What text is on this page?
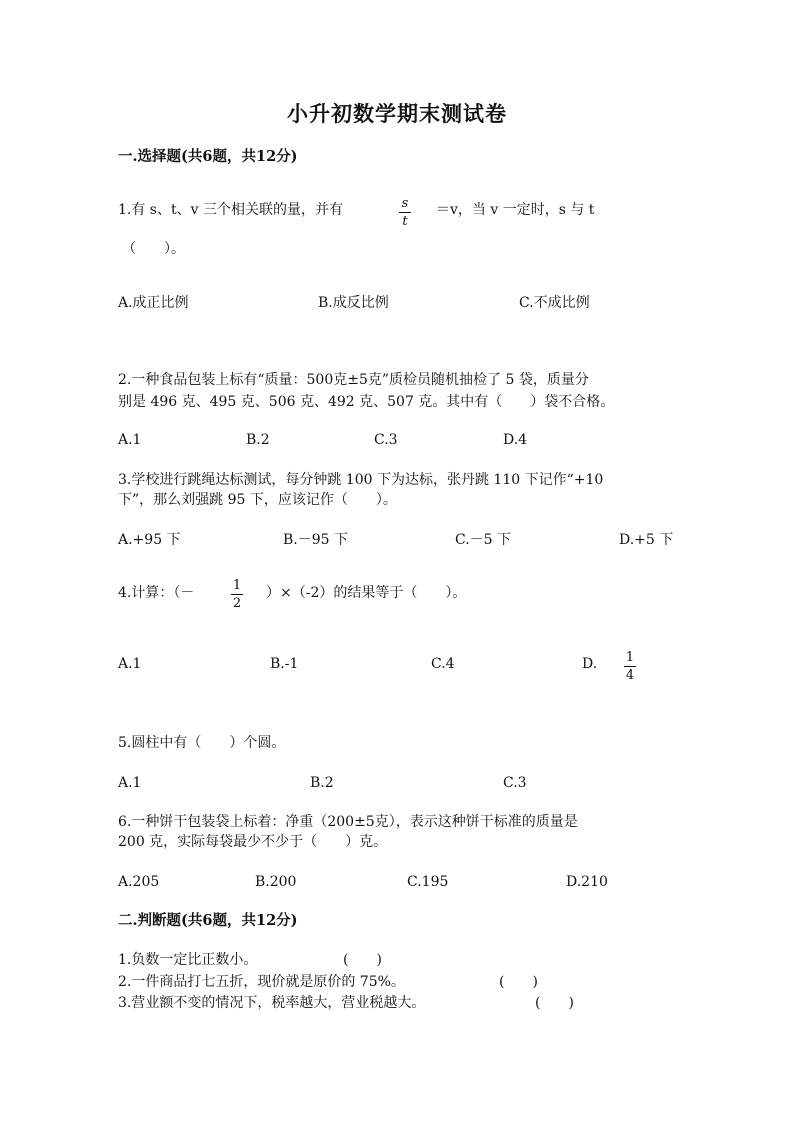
小升初数学期末测试卷
一.选择题(共6题，共12分)
1.有 s、t、v 三个相关联的量，并有	s
t
＝v，当 v 一定时，s 与 t
（　　）。
A.成正比例	B.成反比例	C.不成比例
2.一种食品包装上标有“质量：500克±5克”质检员随机抽检了 5 袋，质量分
别是 496 克、495 克、506 克、492 克、507 克。其中有（　　）袋不合格。
A.1	B.2	C.3	D.4
3.学校进行跳绳达标测试，每分钟跳 100 下为达标，张丹跳 110 下记作“+10
下”，那么刘强跳 95 下，应该记作（　　）。
A.+95 下	B.－95 下	C.－5 下	D.+5 下
4.计算：（－	1
2
）×（-2）的结果等于（　　）。
A.1	B.-1	C.4	D. 1
4
5.圆柱中有（　　）个圆。
A.1	B.2	C.3
6.一种饼干包装袋上标着：净重（200±5克），表示这种饼干标准的质量是
200 克，实际每袋最少不少于（　　）克。
A.205	B.200	C.195	D.210
二.判断题(共6题，共12分)
1.负数一定比正数小。	(　　)
2.一件商品打七五折，现价就是原价的 75%。	(　　)
3.营业额不变的情况下，税率越大，营业税越大。	(　　)
